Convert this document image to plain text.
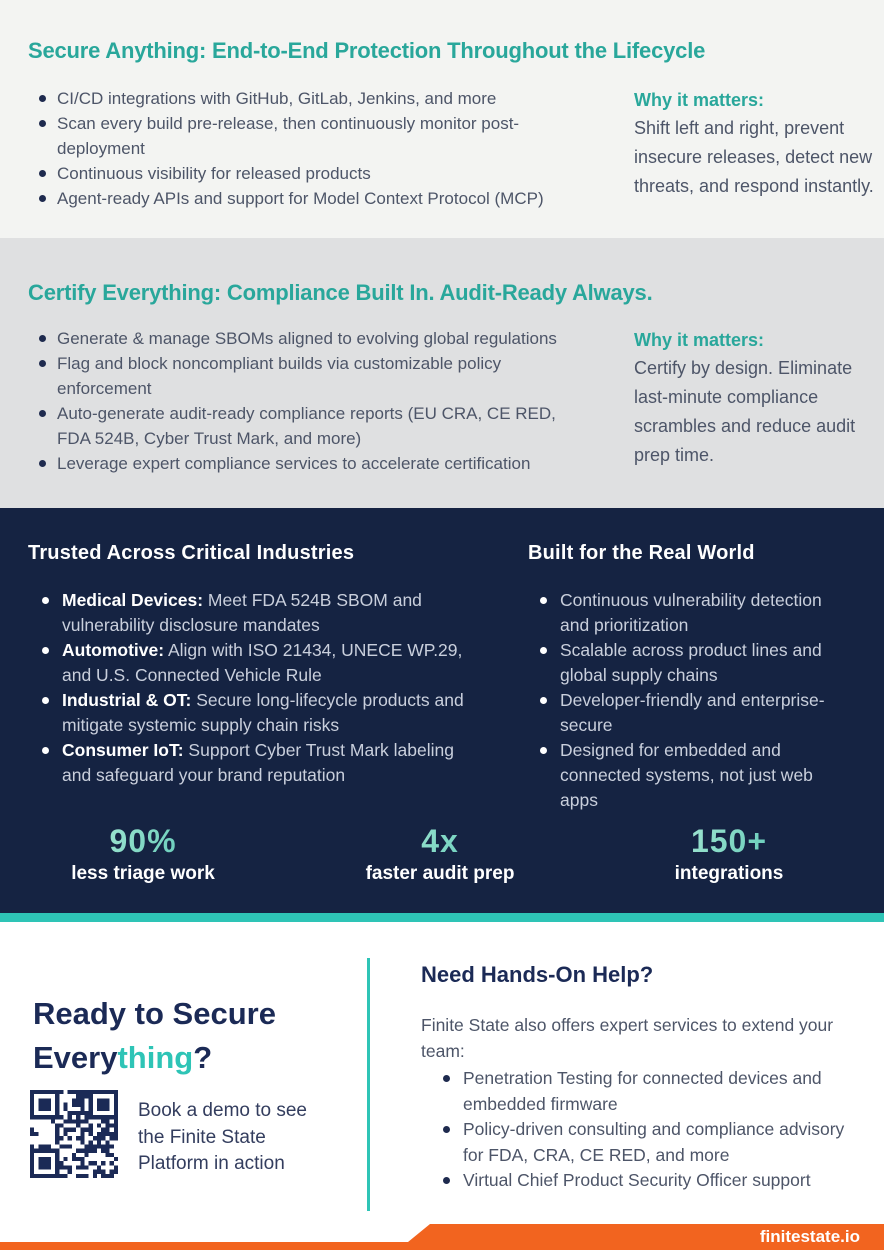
Secure Anything: End-to-End Protection Throughout the Lifecycle
CI/CD integrations with GitHub, GitLab, Jenkins, and more
Scan every build pre-release, then continuously monitor post-deployment
Continuous visibility for released products
Agent-ready APIs and support for Model Context Protocol (MCP)
Why it matters:
Shift left and right, prevent insecure releases, detect new threats, and respond instantly.
Certify Everything: Compliance Built In. Audit-Ready Always.
Generate & manage SBOMs aligned to evolving global regulations
Flag and block noncompliant builds via customizable policy enforcement
Auto-generate audit-ready compliance reports (EU CRA, CE RED, FDA 524B, Cyber Trust Mark, and more)
Leverage expert compliance services to accelerate certification
Why it matters:
Certify by design. Eliminate last-minute compliance scrambles and reduce audit prep time.
Trusted Across Critical Industries	Built for the Real World
Medical Devices: Meet FDA 524B SBOM and vulnerability disclosure mandates
Automotive: Align with ISO 21434, UNECE WP.29, and U.S. Connected Vehicle Rule
Industrial & OT: Secure long-lifecycle products and mitigate systemic supply chain risks
Consumer IoT: Support Cyber Trust Mark labeling and safeguard your brand reputation
Continuous vulnerability detection and prioritization
Scalable across product lines and global supply chains
Developer-friendly and enterprise-secure
Designed for embedded and connected systems, not just web apps
90%
less triage work
4x
faster audit prep
150+
integrations
Ready to Secure
Everything?
Book a demo to see the Finite State Platform in action
Need Hands-On Help?

Finite State also offers expert services to extend your team:

Penetration Testing for connected devices and embedded firmware
Policy-driven consulting and compliance advisory for FDA, CRA, CE RED, and more
Virtual Chief Product Security Officer support
finitestate.io
